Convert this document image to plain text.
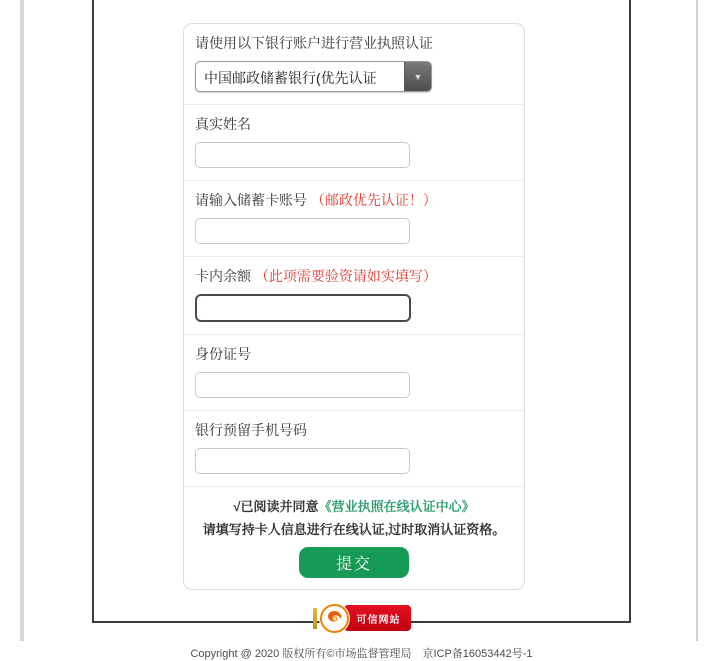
请使用以下银行账户进行营业执照认证
中国邮政储蓄银行(优先认证	▼
真实姓名
请输入储蓄卡账号 （邮政优先认证！）
卡内余额 （此项需要验资请如实填写）
身份证号
银行预留手机号码
√已阅读并同意《营业执照在线认证中心》
请填写持卡人信息进行在线认证,过时取消认证资格。
提交
可信网站
Copyright @ 2020 版权所有©市场监督管理局　京ICP备16053442号-1
